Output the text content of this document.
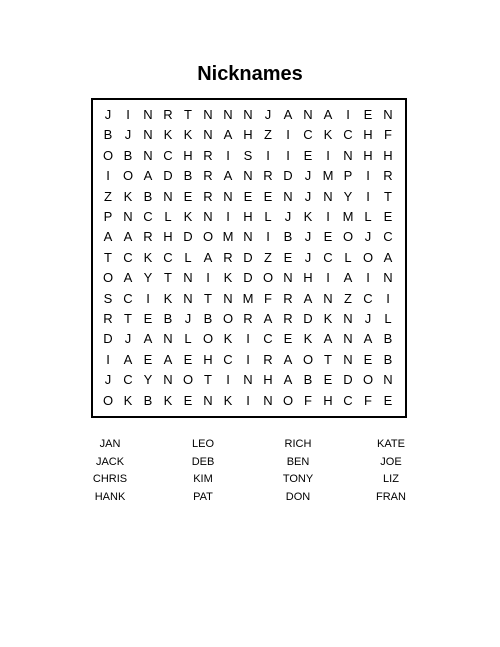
Nicknames
J	I	N R T N N N J A N A	I	E N
B J N K K N A H Z	I	C K C H F
O B N C H R	I	S	I	I	E	I	N H H
I	O A D B R A N R D J M P	I	R
Z K B N E R N E E N J N Y	I	T
P N C L K N	I	H L	J K	I M L E
A A R H D O M N	I	B J E O J C
T C K C L A R D Z E J C L O A
O A Y T N	I	K D O N H	I	A	I	N
S C	I	K N T N M F R A N Z C	I
R T E B J B O R A R D K N J	L
D J A N L O K	I	C E K A N A B
I	A E A E H C	I	R A O T N E B
J C Y N O T	I	N H A B E D O N
O K B K E N K	I	N O F H C F E
JAN	LEO	RICH	KATE
JACK	DEB	BEN	JOE
CHRIS	KIM	TONY	LIZ
HANK	PAT	DON	FRAN
